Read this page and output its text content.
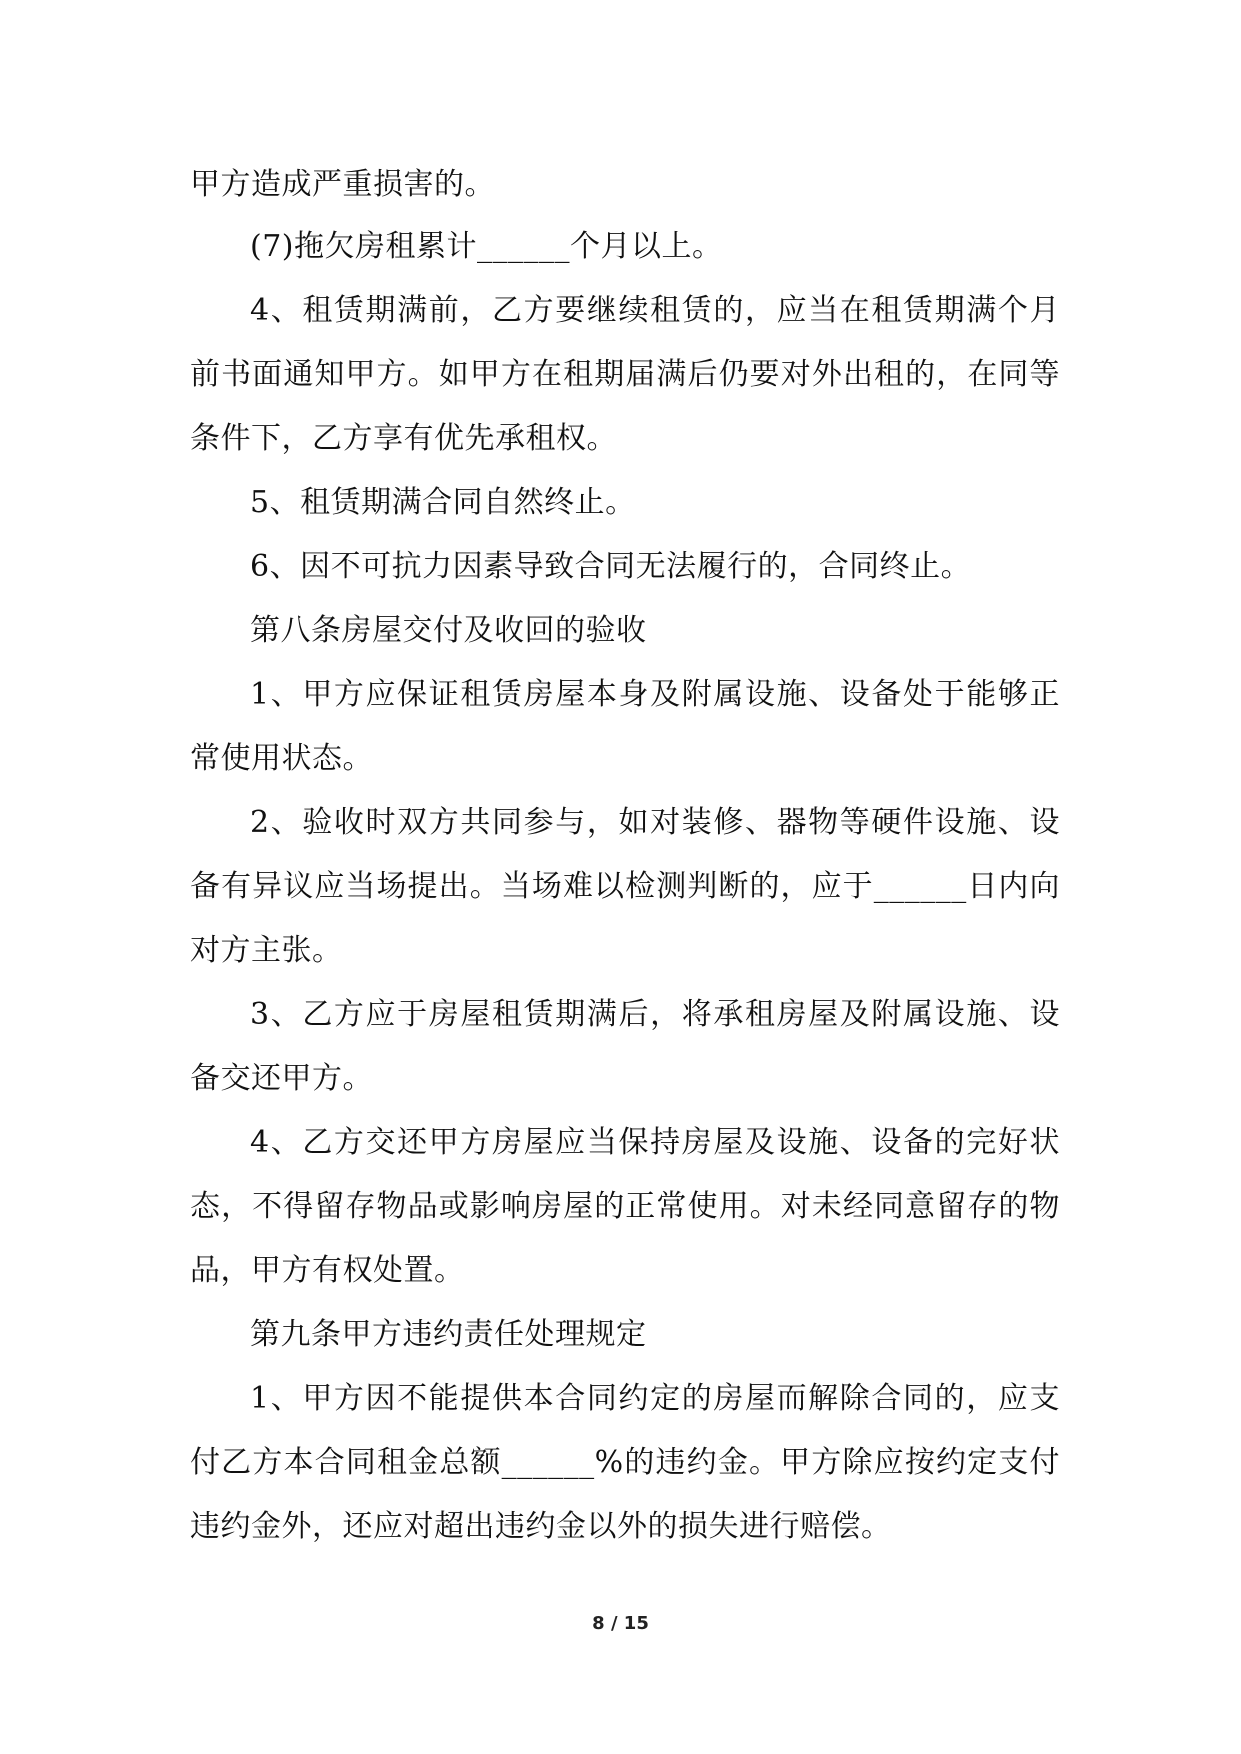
甲方造成严重损害的。
(7)拖欠房租累计______个月以上。
4、租赁期满前，乙方要继续租赁的，应当在租赁期满个月
前书面通知甲方。如甲方在租期届满后仍要对外出租的，在同等
条件下，乙方享有优先承租权。
5、租赁期满合同自然终止。
6、因不可抗力因素导致合同无法履行的，合同终止。
第八条房屋交付及收回的验收
1、甲方应保证租赁房屋本身及附属设施、设备处于能够正
常使用状态。
2、验收时双方共同参与，如对装修、器物等硬件设施、设
备有异议应当场提出。当场难以检测判断的，应于______日内向
对方主张。
3、乙方应于房屋租赁期满后，将承租房屋及附属设施、设
备交还甲方。
4、乙方交还甲方房屋应当保持房屋及设施、设备的完好状
态，不得留存物品或影响房屋的正常使用。对未经同意留存的物
品，甲方有权处置。
第九条甲方违约责任处理规定
1、甲方因不能提供本合同约定的房屋而解除合同的，应支
付乙方本合同租金总额______%的违约金。甲方除应按约定支付
违约金外，还应对超出违约金以外的损失进行赔偿。
8 / 15
